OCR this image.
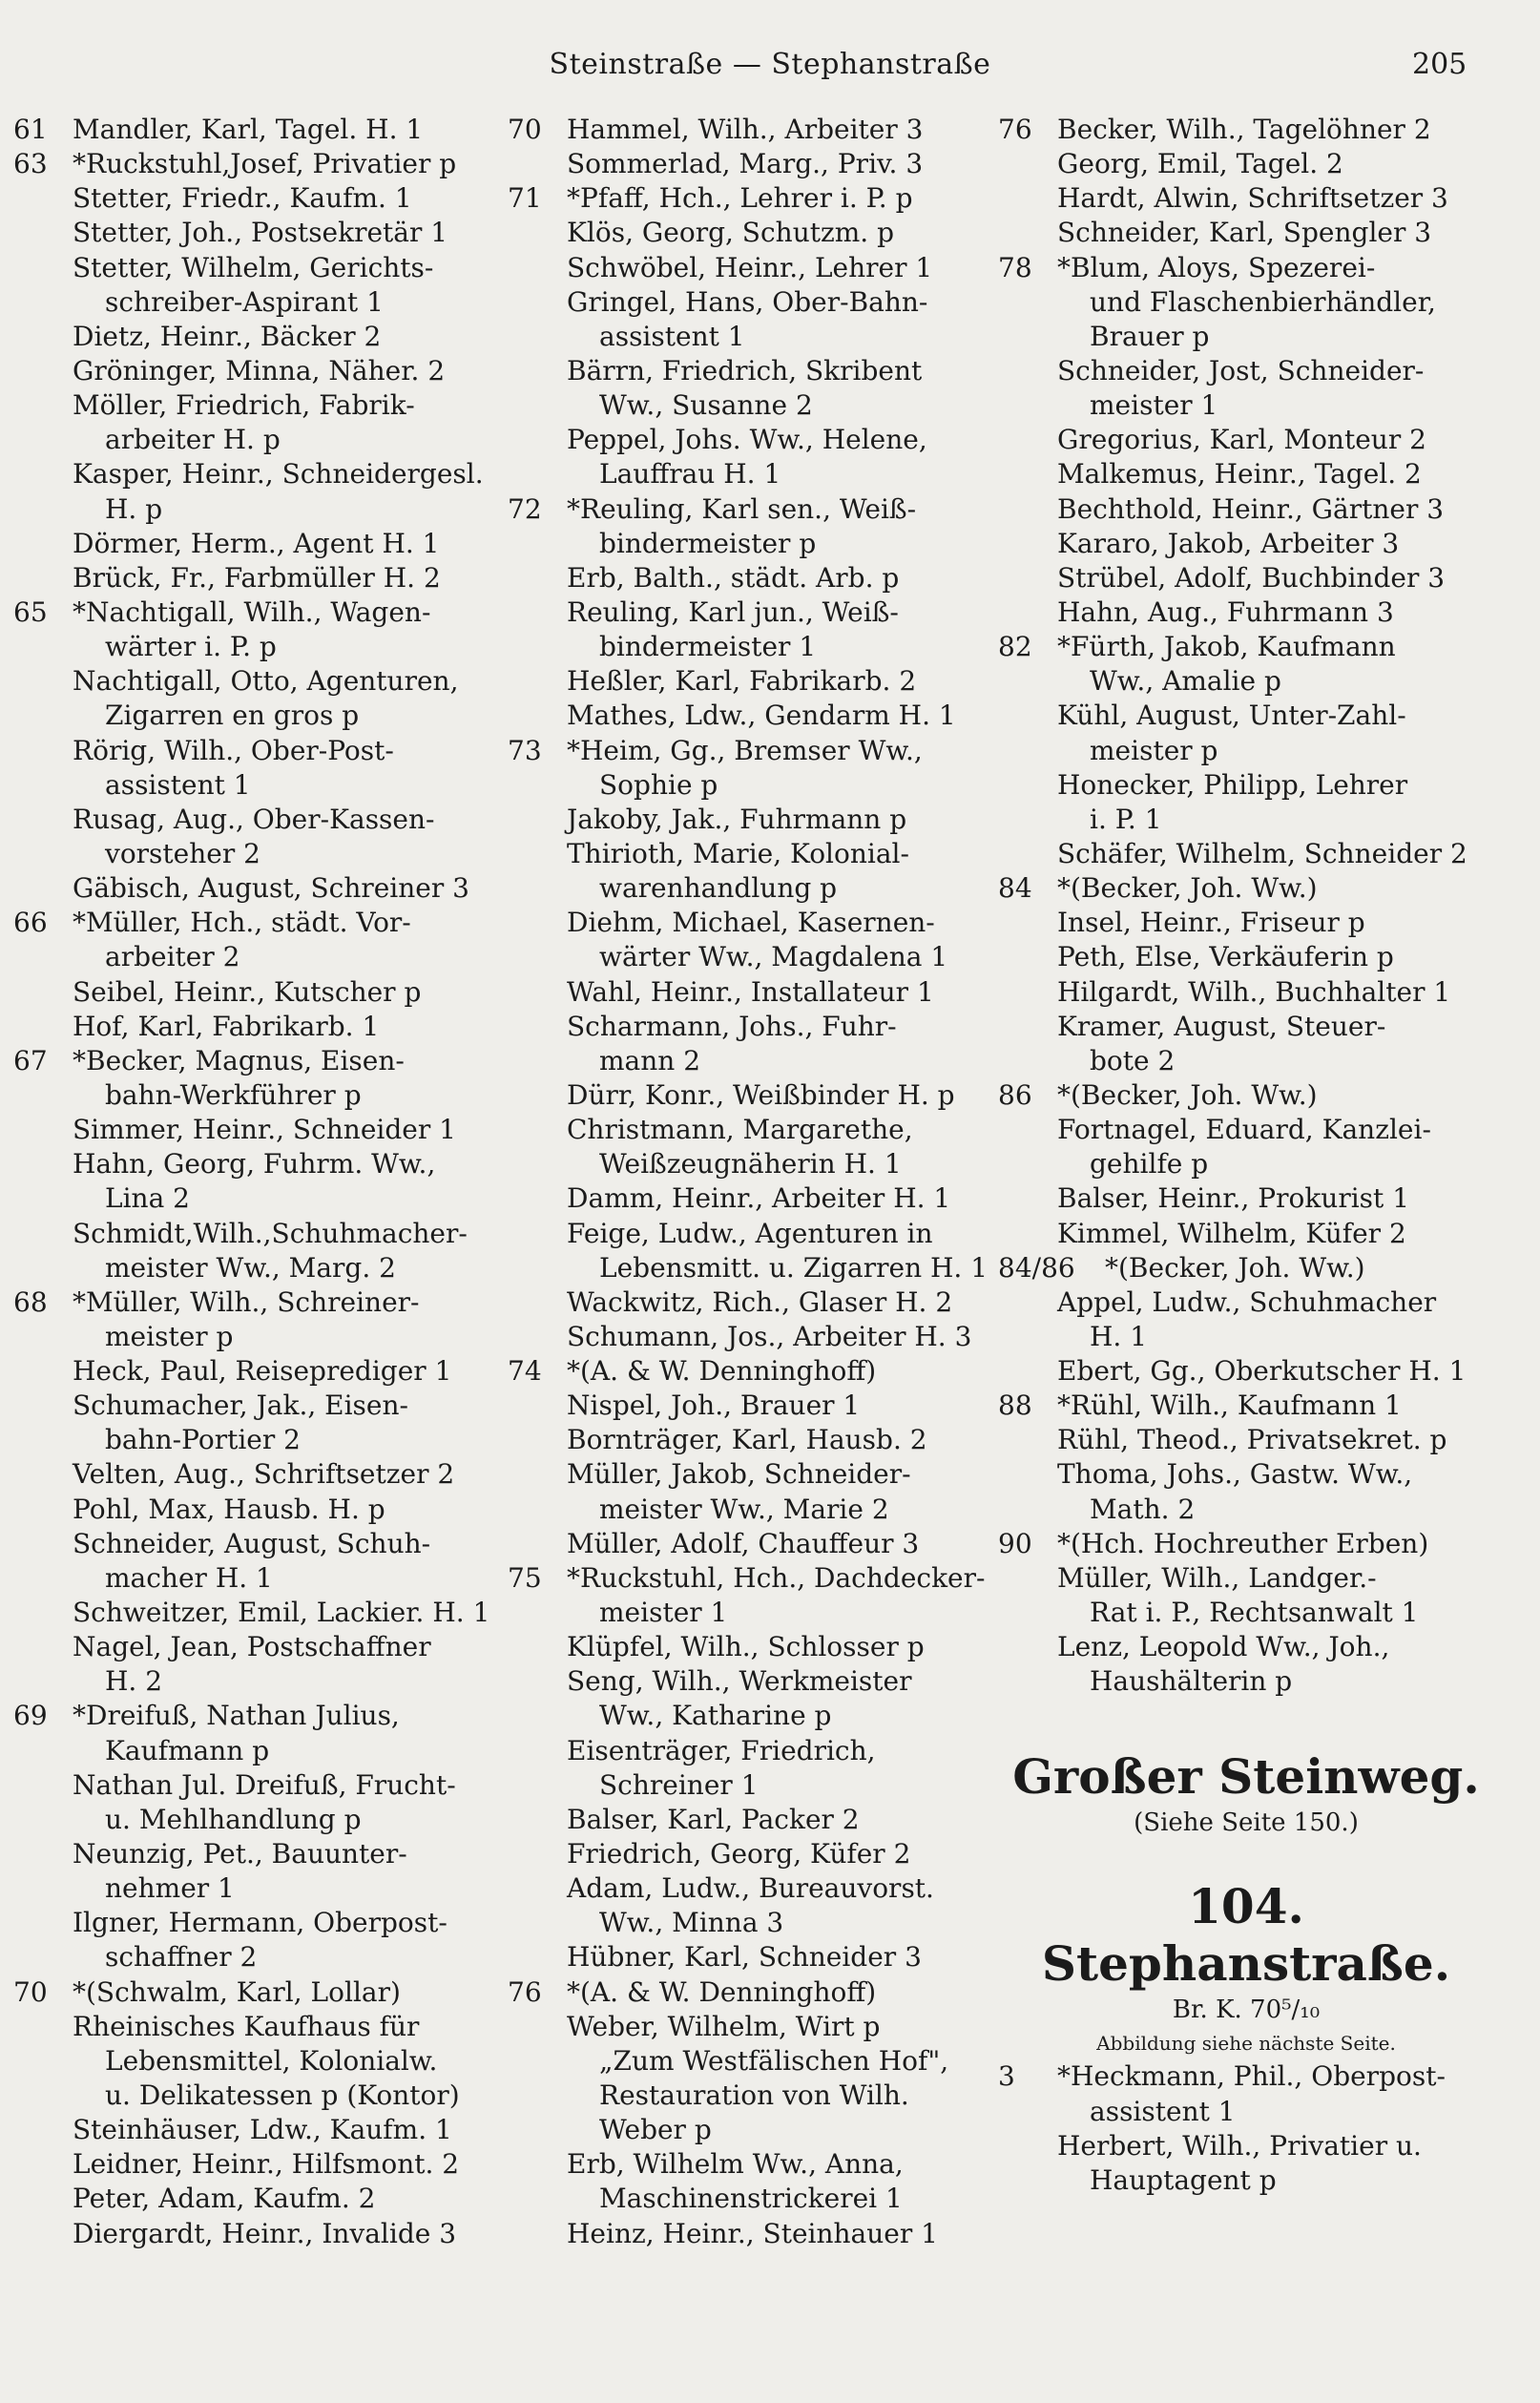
Steinstraße — Stephanstraße	205
61 Mandler, Karl, Tagel. H. 1
63 *Ruckstuhl,Josef, Privatier p
Stetter, Friedr., Kaufm. 1
Stetter, Joh., Postsekretär 1
Stetter, Wilhelm, Gerichts-
schreiber-Aspirant 1
Dietz, Heinr., Bäcker 2
Gröninger, Minna, Näher. 2
Möller, Friedrich, Fabrik-
arbeiter H. p
Kasper, Heinr., Schneidergesl.
H. p
Dörmer, Herm., Agent H. 1
Brück, Fr., Farbmüller H. 2
65 *Nachtigall, Wilh., Wagen-
wärter i. P. p
Nachtigall, Otto, Agenturen,
Zigarren en gros p
Rörig, Wilh., Ober-Post-
assistent 1
Rusag, Aug., Ober-Kassen-
vorsteher 2
Gäbisch, August, Schreiner 3
66 *Müller, Hch., städt. Vor-
arbeiter 2
Seibel, Heinr., Kutscher p
Hof, Karl, Fabrikarb. 1
67 *Becker, Magnus, Eisen-
bahn-Werkführer p
Simmer, Heinr., Schneider 1
Hahn, Georg, Fuhrm. Ww.,
Lina 2
Schmidt,Wilh.,Schuhmacher-
meister Ww., Marg. 2
68 *Müller, Wilh., Schreiner-
meister p
Heck, Paul, Reiseprediger 1
Schumacher, Jak., Eisen-
bahn-Portier 2
Velten, Aug., Schriftsetzer 2
Pohl, Max, Hausb. H. p
Schneider, August, Schuh-
macher H. 1
Schweitzer, Emil, Lackier. H. 1
Nagel, Jean, Postschaffner
H. 2
69 *Dreifuß, Nathan Julius,
Kaufmann p
Nathan Jul. Dreifuß, Frucht-
u. Mehlhandlung p
Neunzig, Pet., Bauunter-
nehmer 1
Ilgner, Hermann, Oberpost-
schaffner 2
70 *(Schwalm, Karl, Lollar)
Rheinisches Kaufhaus für
Lebensmittel, Kolonialw.
u. Delikatessen p (Kontor)
Steinhäuser, Ldw., Kaufm. 1
Leidner, Heinr., Hilfsmont. 2
Peter, Adam, Kaufm. 2
Diergardt, Heinr., Invalide 3
70 Hammel, Wilh., Arbeiter 3
Sommerlad, Marg., Priv. 3
71 *Pfaff, Hch., Lehrer i. P. p
Klös, Georg, Schutzm. p
Schwöbel, Heinr., Lehrer 1
Gringel, Hans, Ober-Bahn-
assistent 1
Bärrn, Friedrich, Skribent
Ww., Susanne 2
Peppel, Johs. Ww., Helene,
Lauffrau H. 1
72 *Reuling, Karl sen., Weiß-
bindermeister p
Erb, Balth., städt. Arb. p
Reuling, Karl jun., Weiß-
bindermeister 1
Heßler, Karl, Fabrikarb. 2
Mathes, Ldw., Gendarm H. 1
73 *Heim, Gg., Bremser Ww.,
Sophie p
Jakoby, Jak., Fuhrmann p
Thirioth, Marie, Kolonial-
warenhandlung p
Diehm, Michael, Kasernen-
wärter Ww., Magdalena 1
Wahl, Heinr., Installateur 1
Scharmann, Johs., Fuhr-
mann 2
Dürr, Konr., Weißbinder H. p
Christmann, Margarethe,
Weißzeugnäherin H. 1
Damm, Heinr., Arbeiter H. 1
Feige, Ludw., Agenturen in
Lebensmitt. u. Zigarren H. 1
Wackwitz, Rich., Glaser H. 2
Schumann, Jos., Arbeiter H. 3
74 *(A. & W. Denninghoff)
Nispel, Joh., Brauer 1
Bornträger, Karl, Hausb. 2
Müller, Jakob, Schneider-
meister Ww., Marie 2
Müller, Adolf, Chauffeur 3
75 *Ruckstuhl, Hch., Dachdecker-
meister 1
Klüpfel, Wilh., Schlosser p
Seng, Wilh., Werkmeister
Ww., Katharine p
Eisenträger, Friedrich,
Schreiner 1
Balser, Karl, Packer 2
Friedrich, Georg, Küfer 2
Adam, Ludw., Bureauvorst.
Ww., Minna 3
Hübner, Karl, Schneider 3
76 *(A. & W. Denninghoff)
Weber, Wilhelm, Wirt p
„Zum Westfälischen Hof",
Restauration von Wilh.
Weber p
Erb, Wilhelm Ww., Anna,
Maschinenstrickerei 1
Heinz, Heinr., Steinhauer 1
76 Becker, Wilh., Tagelöhner 2
Georg, Emil, Tagel. 2
Hardt, Alwin, Schriftsetzer 3
Schneider, Karl, Spengler 3
78 *Blum, Aloys, Spezerei-
und Flaschenbierhändler,
Brauer p
Schneider, Jost, Schneider-
meister 1
Gregorius, Karl, Monteur 2
Malkemus, Heinr., Tagel. 2
Bechthold, Heinr., Gärtner 3
Kararo, Jakob, Arbeiter 3
Strübel, Adolf, Buchbinder 3
Hahn, Aug., Fuhrmann 3
82 *Fürth, Jakob, Kaufmann
Ww., Amalie p
Kühl, August, Unter-Zahl-
meister p
Honecker, Philipp, Lehrer
i. P. 1
Schäfer, Wilhelm, Schneider 2
84 *(Becker, Joh. Ww.)
Insel, Heinr., Friseur p
Peth, Else, Verkäuferin p
Hilgardt, Wilh., Buchhalter 1
Kramer, August, Steuer-
bote 2
86 *(Becker, Joh. Ww.)
Fortnagel, Eduard, Kanzlei-
gehilfe p
Balser, Heinr., Prokurist 1
Kimmel, Wilhelm, Küfer 2
84/86 *(Becker, Joh. Ww.)
Appel, Ludw., Schuhmacher
H. 1
Ebert, Gg., Oberkutscher H. 1
88 *Rühl, Wilh., Kaufmann 1
Rühl, Theod., Privatsekret. p
Thoma, Johs., Gastw. Ww.,
Math. 2
90 *(Hch. Hochreuther Erben)
Müller, Wilh., Landger.-
Rat i. P., Rechtsanwalt 1
Lenz, Leopold Ww., Joh.,
Haushälterin p
Großer Steinweg.
(Siehe Seite 150.)
104. Stephanstraße.
Br. K. 70⁵/₁₀
Abbildung siehe nächste Seite.
3 *Heckmann, Phil., Oberpost-
assistent 1
Herbert, Wilh., Privatier u.
Hauptagent p
